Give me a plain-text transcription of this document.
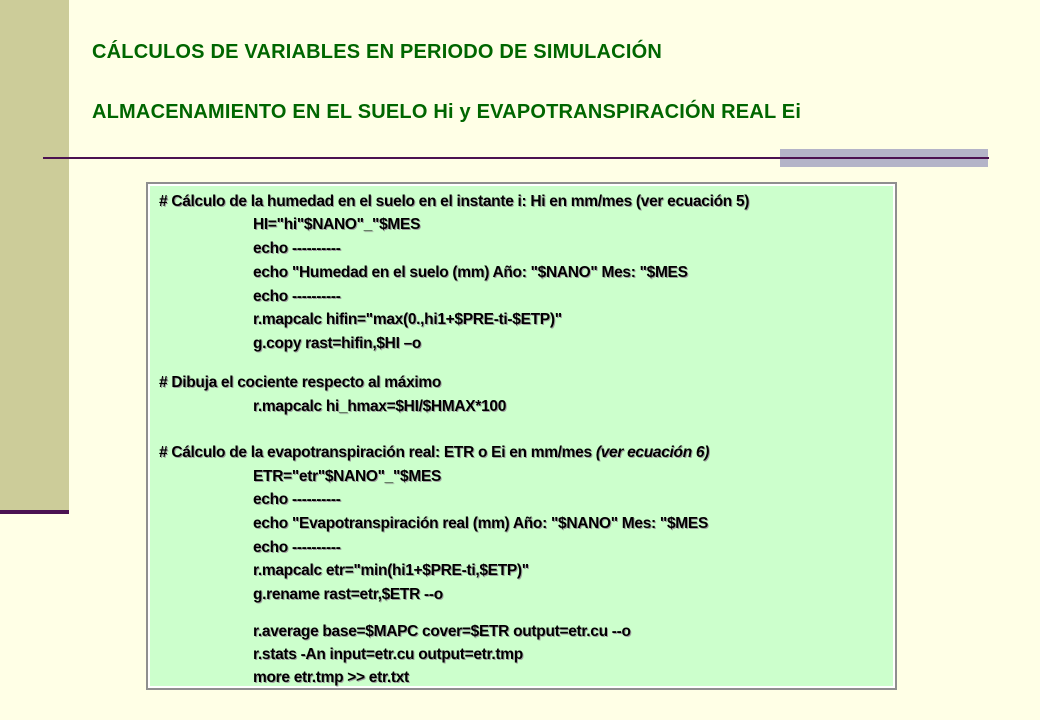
CÁLCULOS DE VARIABLES EN PERIODO DE SIMULACIÓN
ALMACENAMIENTO EN EL SUELO Hi y EVAPOTRANSPIRACIÓN REAL Ei
# Cálculo de la humedad en el suelo en el instante i: Hi en mm/mes (ver ecuación 5)
HI="hi"$NANO"_"$MES
echo ----------
echo "Humedad en el suelo (mm) Año: "$NANO" Mes: "$MES
echo ----------
r.mapcalc hifin="max(0.,hi1+$PRE-ti-$ETP)"
g.copy rast=hifin,$HI –o
# Dibuja el cociente respecto al máximo
r.mapcalc hi_hmax=$HI/$HMAX*100
# Cálculo de la evapotranspiración real: ETR o Ei en mm/mes (ver ecuación 6)
ETR="etr"$NANO"_"$MES
echo ----------
echo "Evapotranspiración real (mm) Año: "$NANO" Mes: "$MES
echo ----------
r.mapcalc etr="min(hi1+$PRE-ti,$ETP)"
g.rename rast=etr,$ETR --o
r.average base=$MAPC cover=$ETR output=etr.cu --o
r.stats -An input=etr.cu output=etr.tmp
more etr.tmp >> etr.txt
